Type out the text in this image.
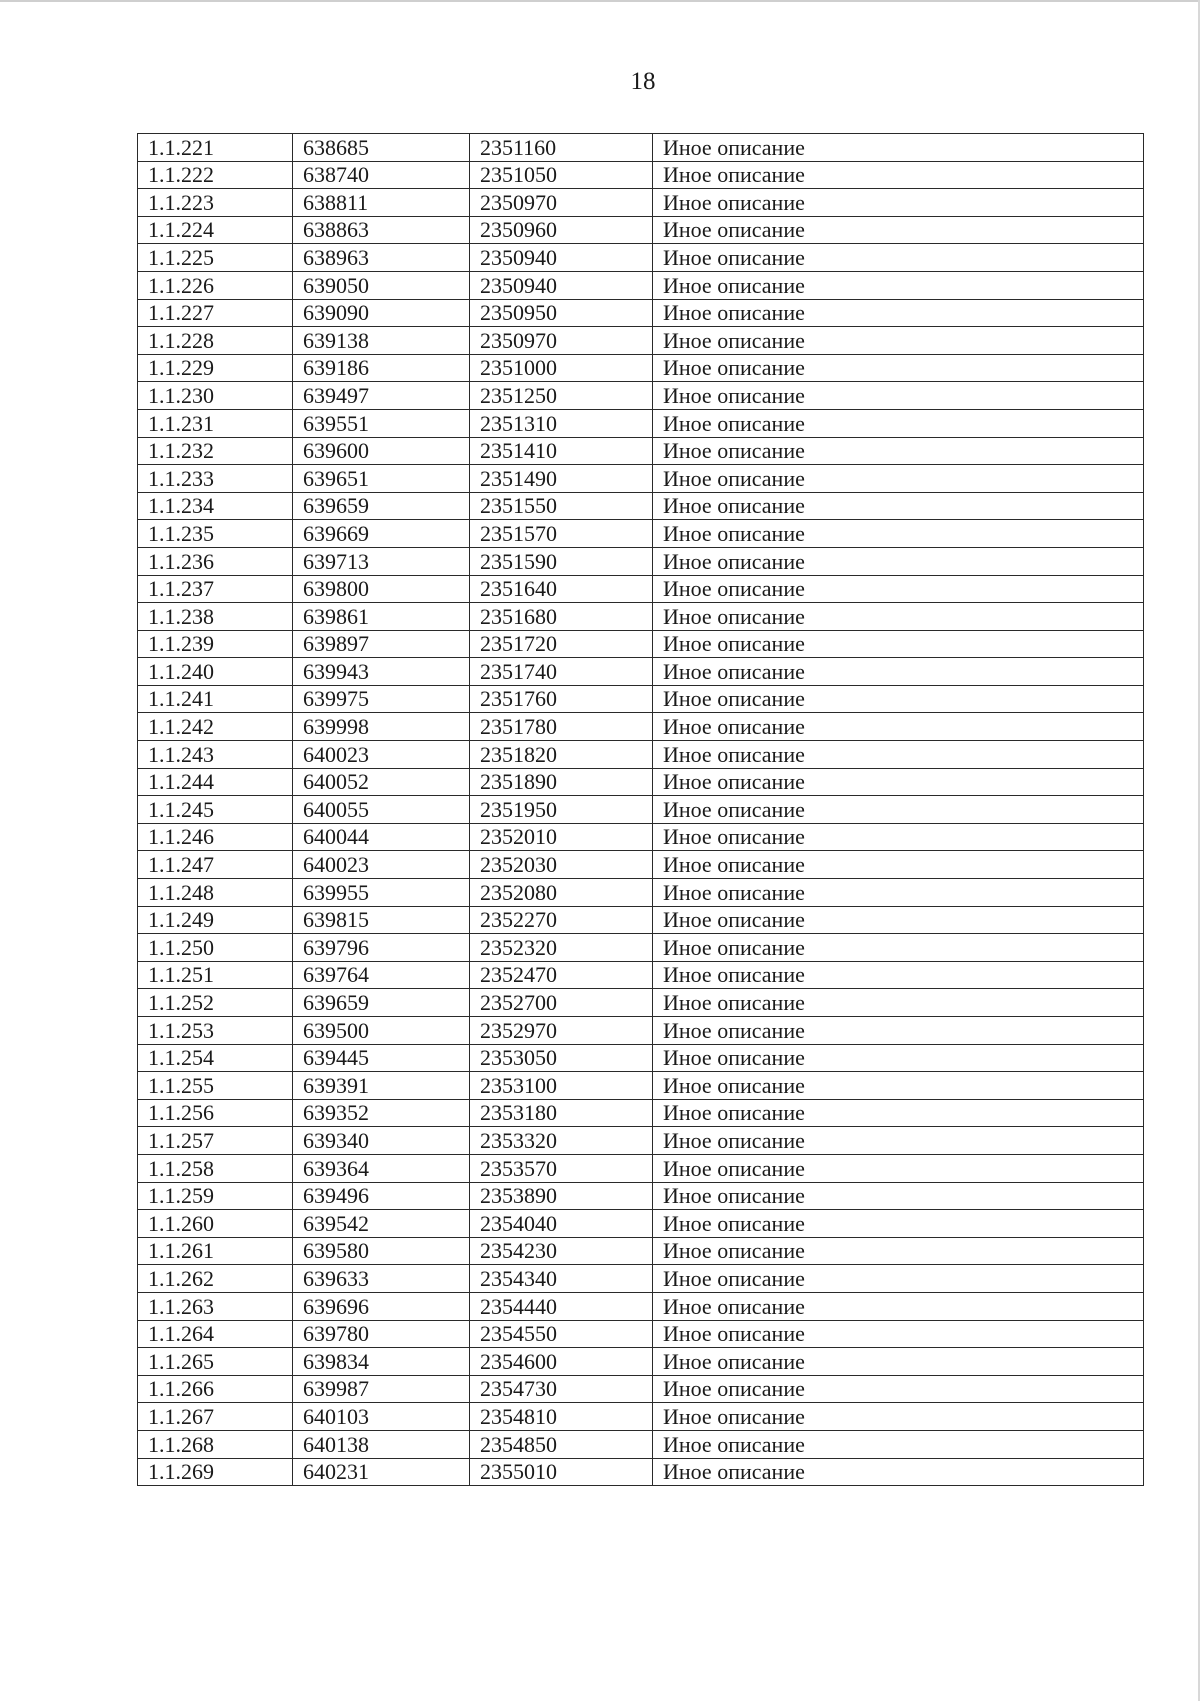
18
1.1.221	638685	2351160	Иное описание
1.1.222	638740	2351050	Иное описание
1.1.223	638811	2350970	Иное описание
1.1.224	638863	2350960	Иное описание
1.1.225	638963	2350940	Иное описание
1.1.226	639050	2350940	Иное описание
1.1.227	639090	2350950	Иное описание
1.1.228	639138	2350970	Иное описание
1.1.229	639186	2351000	Иное описание
1.1.230	639497	2351250	Иное описание
1.1.231	639551	2351310	Иное описание
1.1.232	639600	2351410	Иное описание
1.1.233	639651	2351490	Иное описание
1.1.234	639659	2351550	Иное описание
1.1.235	639669	2351570	Иное описание
1.1.236	639713	2351590	Иное описание
1.1.237	639800	2351640	Иное описание
1.1.238	639861	2351680	Иное описание
1.1.239	639897	2351720	Иное описание
1.1.240	639943	2351740	Иное описание
1.1.241	639975	2351760	Иное описание
1.1.242	639998	2351780	Иное описание
1.1.243	640023	2351820	Иное описание
1.1.244	640052	2351890	Иное описание
1.1.245	640055	2351950	Иное описание
1.1.246	640044	2352010	Иное описание
1.1.247	640023	2352030	Иное описание
1.1.248	639955	2352080	Иное описание
1.1.249	639815	2352270	Иное описание
1.1.250	639796	2352320	Иное описание
1.1.251	639764	2352470	Иное описание
1.1.252	639659	2352700	Иное описание
1.1.253	639500	2352970	Иное описание
1.1.254	639445	2353050	Иное описание
1.1.255	639391	2353100	Иное описание
1.1.256	639352	2353180	Иное описание
1.1.257	639340	2353320	Иное описание
1.1.258	639364	2353570	Иное описание
1.1.259	639496	2353890	Иное описание
1.1.260	639542	2354040	Иное описание
1.1.261	639580	2354230	Иное описание
1.1.262	639633	2354340	Иное описание
1.1.263	639696	2354440	Иное описание
1.1.264	639780	2354550	Иное описание
1.1.265	639834	2354600	Иное описание
1.1.266	639987	2354730	Иное описание
1.1.267	640103	2354810	Иное описание
1.1.268	640138	2354850	Иное описание
1.1.269	640231	2355010	Иное описание
